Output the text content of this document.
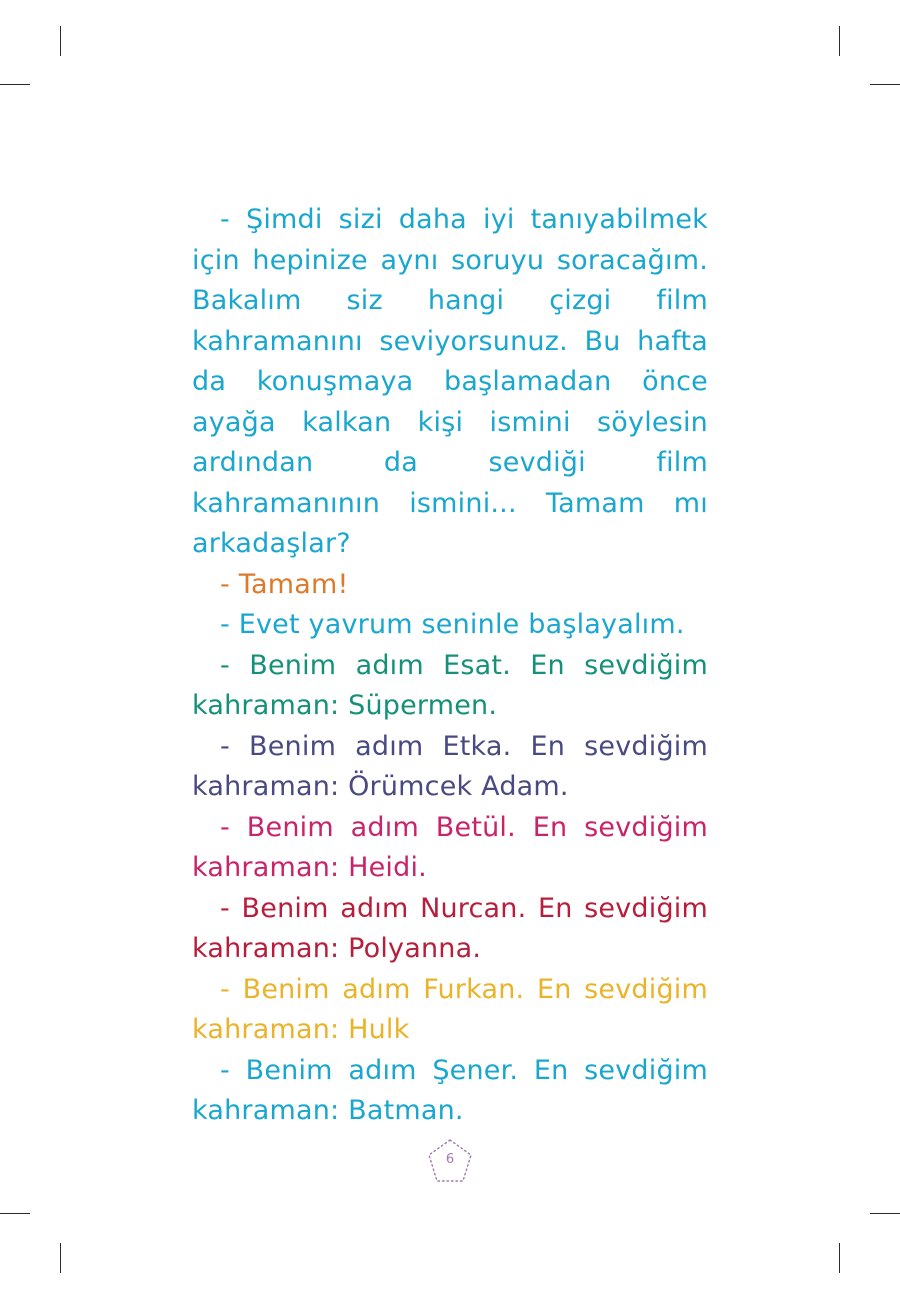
- Şimdi sizi daha iyi tanıyabilmek için hepinize aynı soruyu soracağım. Bakalım siz hangi çizgi film kahramanını seviyorsunuz. Bu hafta da konuşmaya başlamadan önce ayağa kalkan kişi ismini söylesin ardından da sevdiği film kahramanının ismini... Tamam mı arkadaşlar?

- Tamam!

- Evet yavrum seninle başlayalım.

- Benim adım Esat. En sevdiğim kahraman: Süpermen.

- Benim adım Etka. En sevdiğim kahraman: Örümcek Adam.

- Benim adım Betül. En sevdiğim kahraman: Heidi.

- Benim adım Nurcan. En sevdiğim kahraman: Polyanna.

- Benim adım Furkan. En sevdiğim kahraman: Hulk

- Benim adım Şener. En sevdiğim kahraman: Batman.

6
